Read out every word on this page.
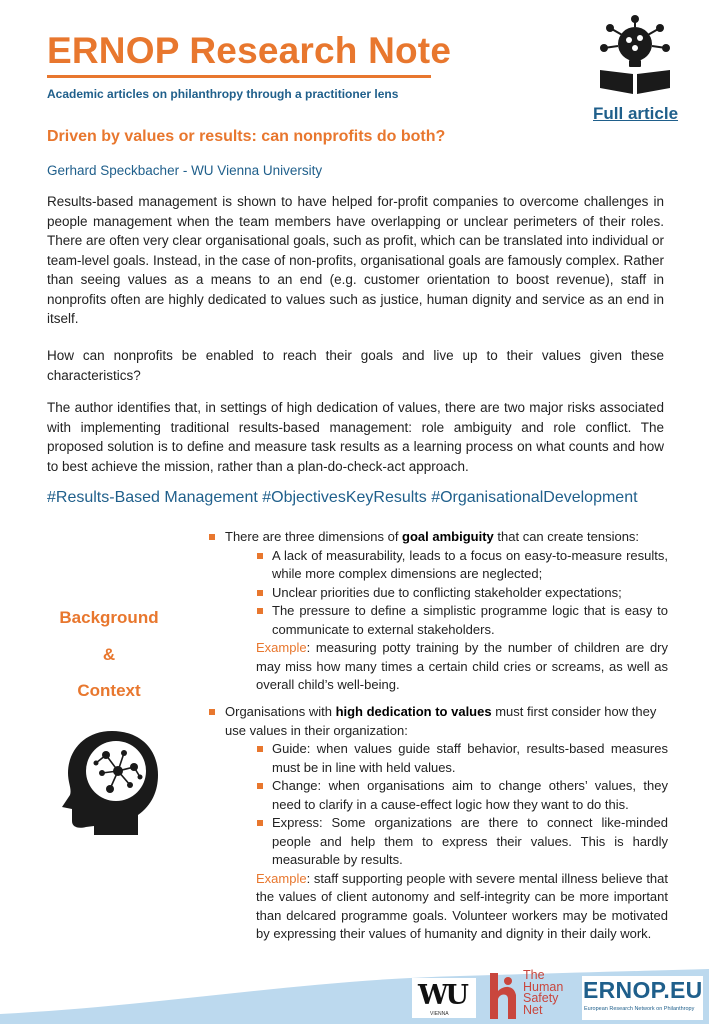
ERNOP Research Note
Academic articles on philanthropy through a practitioner lens
Full article
Driven by values or results: can nonprofits do both?
Gerhard Speckbacher - WU Vienna University
Results-based management is shown to have helped for-profit companies to overcome challenges in people management when the team members have overlapping or unclear perimeters of their roles. There are often very clear organisational goals, such as profit, which can be translated into individual or team-level goals. Instead, in the case of non-profits, organisational goals are famously complex. Rather than seeing values as a means to an end (e.g. customer orientation to boost revenue), staff in nonprofits often are highly dedicated to values such as justice, human dignity and service as an end in itself.
How can nonprofits be enabled to reach their goals and live up to their values given these characteristics?
The author identifies that, in settings of high dedication of values, there are two major risks associated with implementing traditional results-based management: role ambiguity and role conflict. The proposed solution is to define and measure task results as a learning process on what counts and how to best achieve the mission, rather than a plan-do-check-act approach.
#Results-Based Management #ObjectivesKeyResults #OrganisationalDevelopment
Background
&
Context
There are three dimensions of goal ambiguity that can create tensions:
A lack of measurability, leads to a focus on easy-to-measure results, while more complex dimensions are neglected;
Unclear priorities due to conflicting stakeholder expectations;
The pressure to define a simplistic programme logic that is easy to communicate to external stakeholders.
Example: measuring potty training by the number of children are dry may miss how many times a certain child cries or screams, as well as overall child’s well-being.
Organisations with high dedication to values must first consider how they use values in their organization:
Guide: when values guide staff behavior, results-based measures must be in line with held values.
Change: when organisations aim to change others’ values, they need to clarify in a cause-effect logic how they want to do this.
Express: Some organizations are there to connect like-minded people and help them to express their values. This is hardly measurable by results.
Example: staff supporting people with severe mental illness believe that the values of client autonomy and self-integrity can be more important than delcared programme goals. Volunteer workers may be motivated by expressing their values of humanity and dignity in their daily work.
WU
VIENNA
The
Human
Safety
Net
ERNOP.EU
European Research Network on Philanthropy
